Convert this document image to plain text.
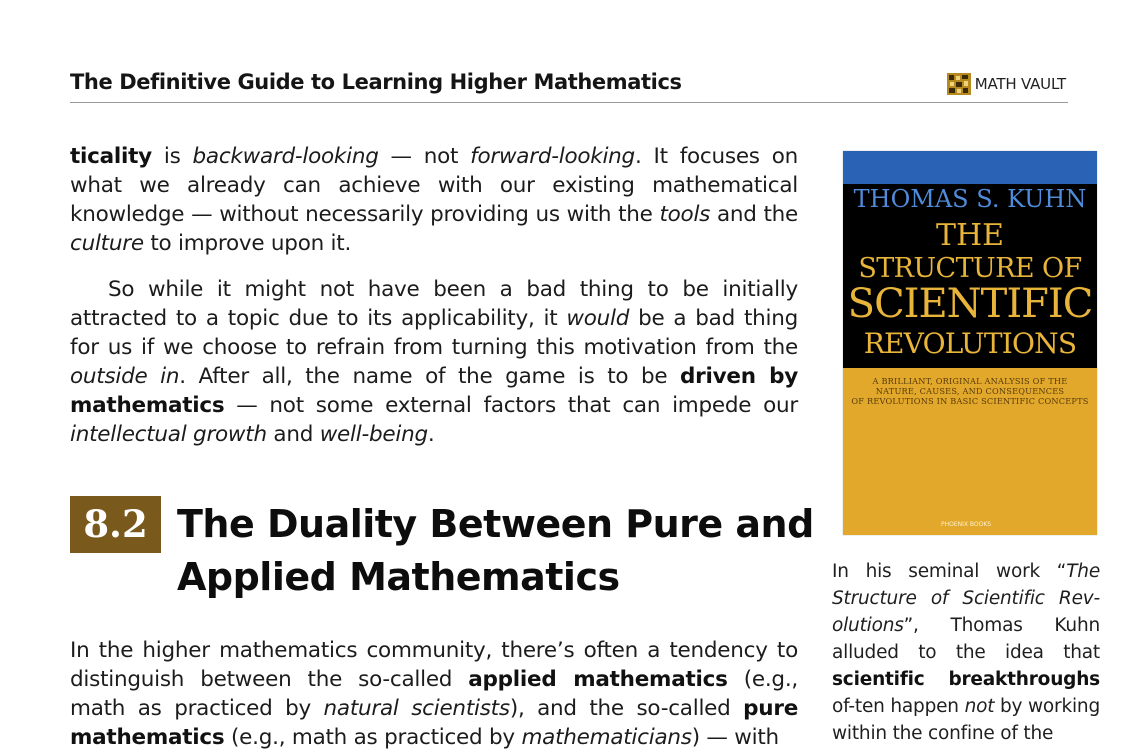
The Definitive Guide to Learning Higher Mathematics	MATH VAULT

ticality is backward-looking — not forward-looking. It focuses on what we already can achieve with our existing mathematical knowledge — without necessarily providing us with the tools and the culture to improve upon it.

So while it might not have been a bad thing to be initially attracted to a topic due to its applicability, it would be a bad thing for us if we choose to refrain from turning this motivation from the outside in. After all, the name of the game is to be driven by mathematics — not some external factors that can impede our intellectual growth and well-being.

8.2 The Duality Between Pure and
Applied Mathematics

In the higher mathematics community, there’s often a tendency to distinguish between the so-called applied mathematics (e.g., math as practiced by natural scientists), and the so-called pure mathematics (e.g., math as practiced by mathematicians) — with

THOMAS S. KUHN
THE
STRUCTURE OF
SCIENTIFIC
REVOLUTIONS
A BRILLIANT, ORIGINAL ANALYSIS OF THE
NATURE, CAUSES, AND CONSEQUENCES
OF REVOLUTIONS IN BASIC SCIENTIFIC CONCEPTS
PHOENIX BOOKS

In his seminal work “The Structure of Scientific Rev-olutions”, Thomas Kuhn alluded to the idea that scientific breakthroughs of-ten happen not by working within the confine of the
